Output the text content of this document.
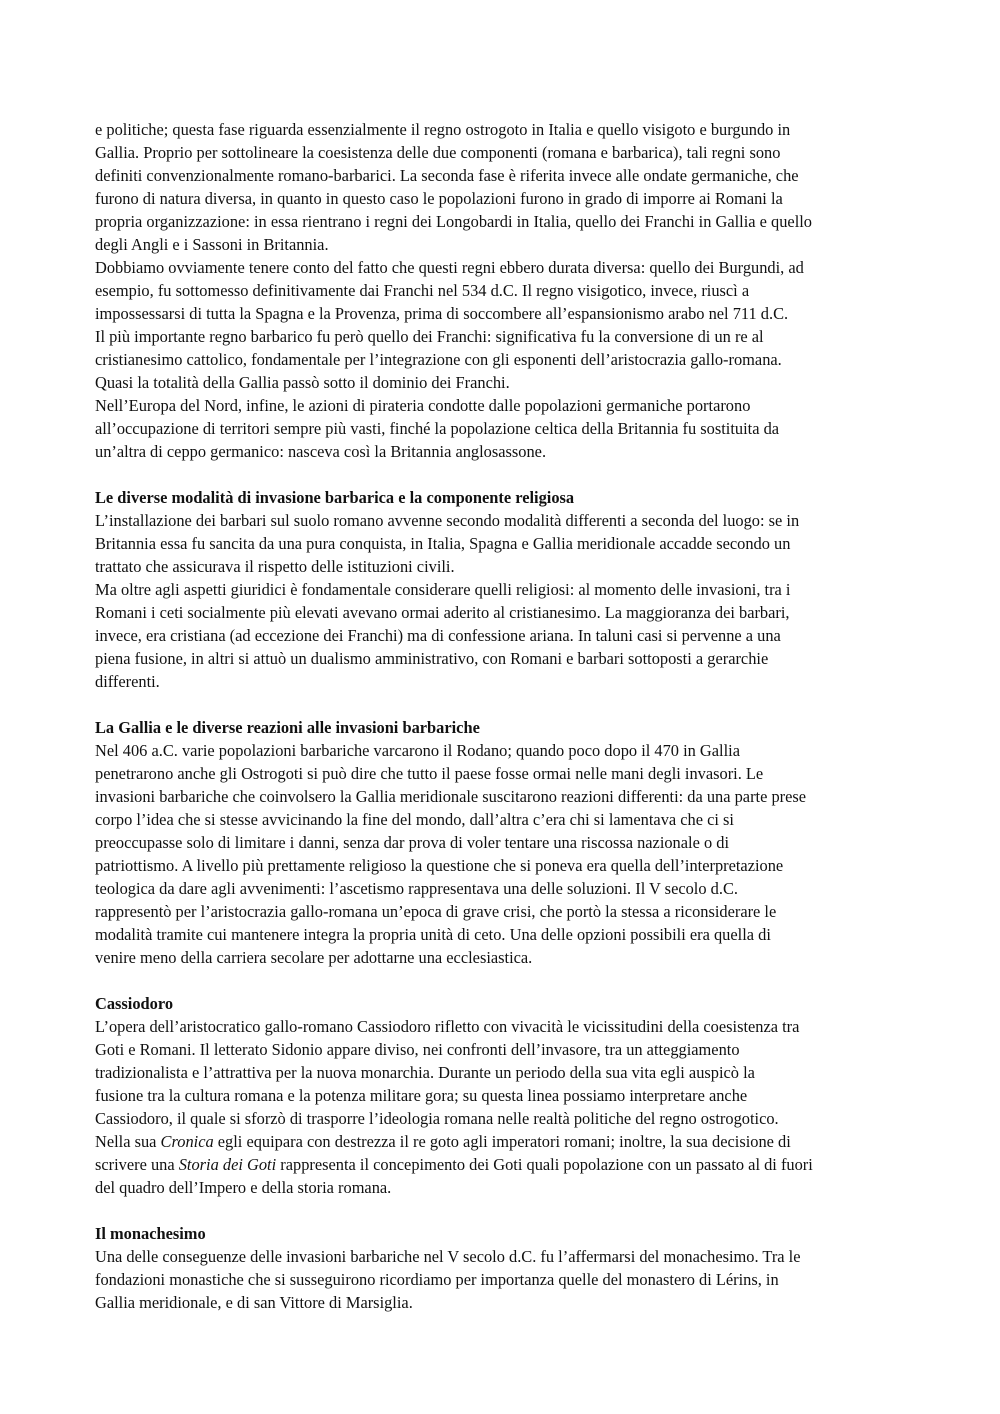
e politiche; questa fase riguarda essenzialmente il regno ostrogoto in Italia e quello visigoto e burgundo in
Gallia. Proprio per sottolineare la coesistenza delle due componenti (romana e barbarica), tali regni sono
definiti convenzionalmente romano-barbarici. La seconda fase è riferita invece alle ondate germaniche, che
furono di natura diversa, in quanto in questo caso le popolazioni furono in grado di imporre ai Romani la
propria organizzazione: in essa rientrano i regni dei Longobardi in Italia, quello dei Franchi in Gallia e quello
degli Angli e i Sassoni in Britannia.
Dobbiamo ovviamente tenere conto del fatto che questi regni ebbero durata diversa: quello dei Burgundi, ad
esempio, fu sottomesso definitivamente dai Franchi nel 534 d.C. Il regno visigotico, invece, riuscì a
impossessarsi di tutta la Spagna e la Provenza, prima di soccombere all’espansionismo arabo nel 711 d.C.
Il più importante regno barbarico fu però quello dei Franchi: significativa fu la conversione di un re al
cristianesimo cattolico, fondamentale per l’integrazione con gli esponenti dell’aristocrazia gallo-romana.
Quasi la totalità della Gallia passò sotto il dominio dei Franchi.
Nell’Europa del Nord, infine, le azioni di pirateria condotte dalle popolazioni germaniche portarono
all’occupazione di territori sempre più vasti, finché la popolazione celtica della Britannia fu sostituita da
un’altra di ceppo germanico: nasceva così la Britannia anglosassone.
Le diverse modalità di invasione barbarica e la componente religiosa
L’installazione dei barbari sul suolo romano avvenne secondo modalità differenti a seconda del luogo: se in
Britannia essa fu sancita da una pura conquista, in Italia, Spagna e Gallia meridionale accadde secondo un
trattato che assicurava il rispetto delle istituzioni civili.
Ma oltre agli aspetti giuridici è fondamentale considerare quelli religiosi: al momento delle invasioni, tra i
Romani i ceti socialmente più elevati avevano ormai aderito al cristianesimo. La maggioranza dei barbari,
invece, era cristiana (ad eccezione dei Franchi) ma di confessione ariana. In taluni casi si pervenne a una
piena fusione, in altri si attuò un dualismo amministrativo, con Romani e barbari sottoposti a gerarchie
differenti.
La Gallia e le diverse reazioni alle invasioni barbariche
Nel 406 a.C. varie popolazioni barbariche varcarono il Rodano; quando poco dopo il 470 in Gallia
penetrarono anche gli Ostrogoti si può dire che tutto il paese fosse ormai nelle mani degli invasori. Le
invasioni barbariche che coinvolsero la Gallia meridionale suscitarono reazioni differenti: da una parte prese
corpo l’idea che si stesse avvicinando la fine del mondo, dall’altra c’era chi si lamentava che ci si
preoccupasse solo di limitare i danni, senza dar prova di voler tentare una riscossa nazionale o di
patriottismo. A livello più prettamente religioso la questione che si poneva era quella dell’interpretazione
teologica da dare agli avvenimenti: l’ascetismo rappresentava una delle soluzioni. Il V secolo d.C.
rappresentò per l’aristocrazia gallo-romana un’epoca di grave crisi, che portò la stessa a riconsiderare le
modalità tramite cui mantenere integra la propria unità di ceto. Una delle opzioni possibili era quella di
venire meno della carriera secolare per adottarne una ecclesiastica.
Cassiodoro
L’opera dell’aristocratico gallo-romano Cassiodoro rifletto con vivacità le vicissitudini della coesistenza tra
Goti e Romani. Il letterato Sidonio appare diviso, nei confronti dell’invasore, tra un atteggiamento
tradizionalista e l’attrattiva per la nuova monarchia. Durante un periodo della sua vita egli auspicò la
fusione tra la cultura romana e la potenza militare gora; su questa linea possiamo interpretare anche
Cassiodoro, il quale si sforzò di trasporre l’ideologia romana nelle realtà politiche del regno ostrogotico.
Nella sua Cronica egli equipara con destrezza il re goto agli imperatori romani; inoltre, la sua decisione di
scrivere una Storia dei Goti rappresenta il concepimento dei Goti quali popolazione con un passato al di fuori
del quadro dell’Impero e della storia romana.
Il monachesimo
Una delle conseguenze delle invasioni barbariche nel V secolo d.C. fu l’affermarsi del monachesimo. Tra le
fondazioni monastiche che si susseguirono ricordiamo per importanza quelle del monastero di Lérins, in
Gallia meridionale, e di san Vittore di Marsiglia.
